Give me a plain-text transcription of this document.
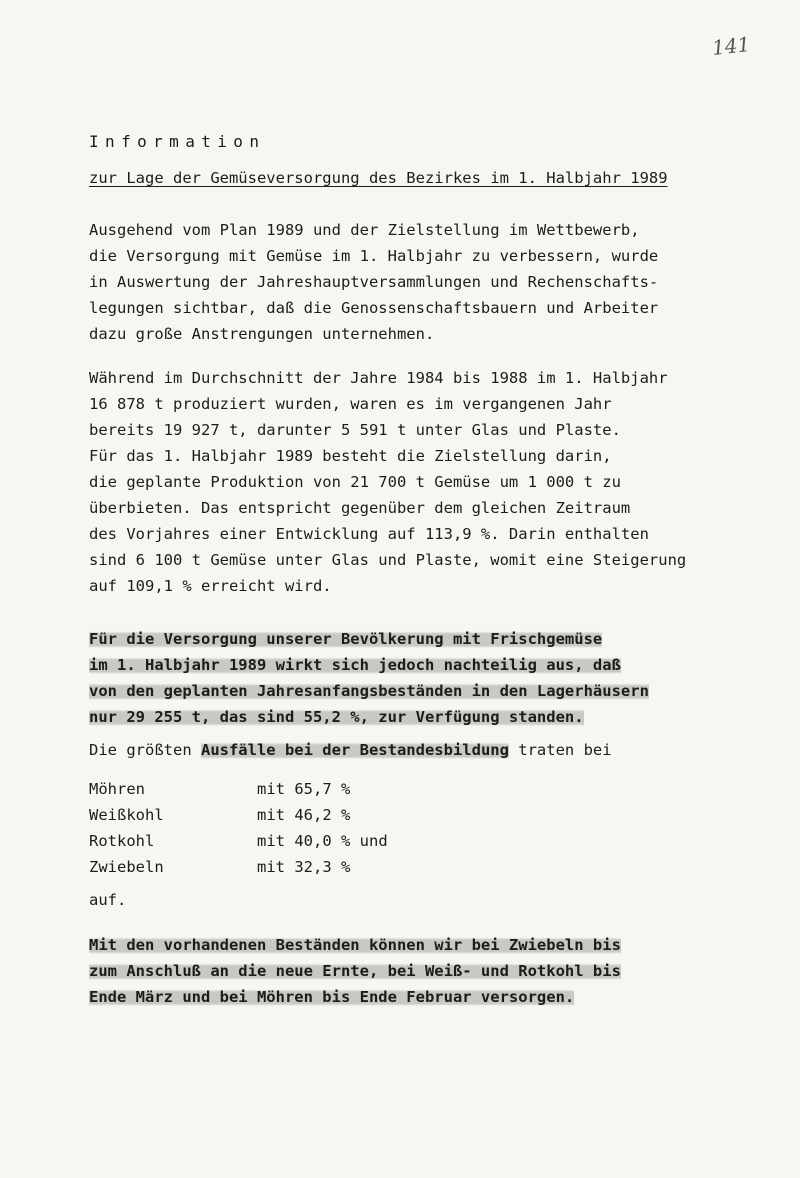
141
Information
zur Lage der Gemüseversorgung des Bezirkes im 1. Halbjahr 1989
Ausgehend vom Plan 1989 und der Zielstellung im Wettbewerb,
die Versorgung mit Gemüse im 1. Halbjahr zu verbessern, wurde
in Auswertung der Jahreshauptversammlungen und Rechenschafts-
legungen sichtbar, daß die Genossenschaftsbauern und Arbeiter
dazu große Anstrengungen unternehmen.
Während im Durchschnitt der Jahre 1984 bis 1988 im 1. Halbjahr
16 878 t produziert wurden, waren es im vergangenen Jahr
bereits 19 927 t, darunter 5 591 t unter Glas und Plaste.
Für das 1. Halbjahr 1989 besteht die Zielstellung darin,
die geplante Produktion von 21 700 t Gemüse um 1 000 t zu
überbieten. Das entspricht gegenüber dem gleichen Zeitraum
des Vorjahres einer Entwicklung auf 113,9 %. Darin enthalten
sind 6 100 t Gemüse unter Glas und Plaste, womit eine Steigerung
auf 109,1 % erreicht wird.
Für die Versorgung unserer Bevölkerung mit Frischgemüse
im 1. Halbjahr 1989 wirkt sich jedoch nachteilig aus, daß
von den geplanten Jahresanfangsbeständen in den Lagerhäusern
nur 29 255 t, das sind 55,2 %, zur Verfügung standen.
Die größten Ausfälle bei der Bestandesbildung traten bei
Möhren	mit 65,7 %
Weißkohl	mit 46,2 %
Rotkohl	mit 40,0 % und
Zwiebeln	mit 32,3 %
auf.
Mit den vorhandenen Beständen können wir bei Zwiebeln bis
zum Anschluß an die neue Ernte, bei Weiß- und Rotkohl bis
Ende März und bei Möhren bis Ende Februar versorgen.
